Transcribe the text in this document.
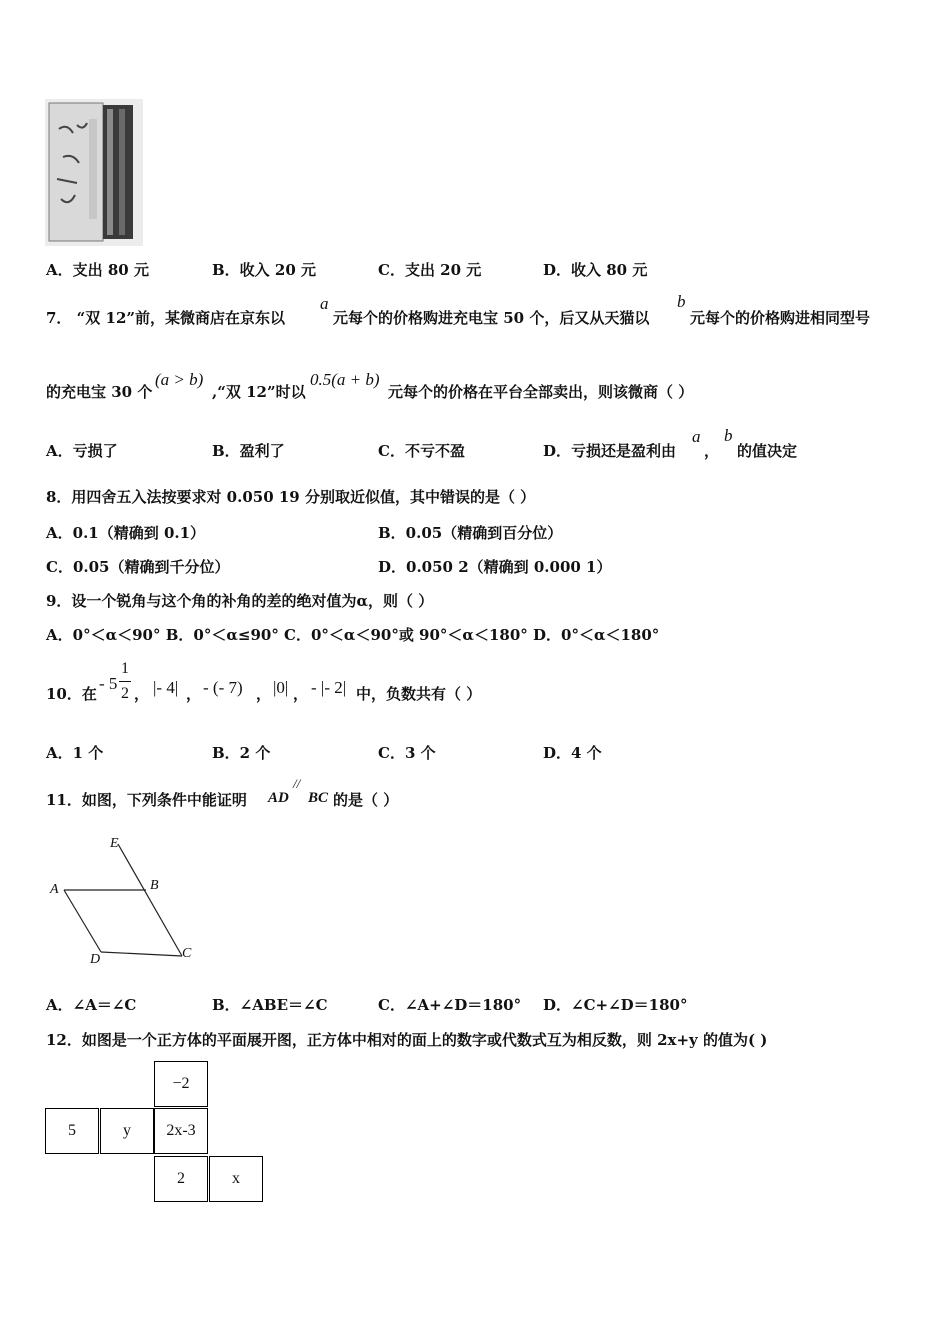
A．支出 80 元	B．收入 20 元	C．支出 20 元	D．收入 80 元
7． “双 12”前，某微商店在京东以
a
元每个的价格购进充电宝 50 个，后又从天猫以
b
元每个的价格购进相同型号
的充电宝 30 个
(a > b)
,“双 12”时以
0.5(a + b)
元每个的价格在平台全部卖出，则该微商（ ）
A．亏损了	B．盈利了	C．不亏不盈	D．亏损还是盈利由
a
，
b
的值决定
8．用四舍五入法按要求对 0.050 19 分别取近似值，其中错误的是（ ）
A．0.1（精确到 0.1）	B．0.05（精确到百分位）
C．0.05（精确到千分位）	D．0.050 2（精确到 0.000 1）
9．设一个锐角与这个角的补角的差的绝对值为α，则（ ）
A．0°＜α＜90° B．0°＜α≤90° C．0°＜α＜90°或 90°＜α＜180° D．0°＜α＜180°
10．在
- 5
1
2 ， |- 4| ， - (- 7) ， |0| ， - |- 2| 中，负数共有（ ）
A．1 个	B．2 个	C．3 个	D．4 个
11．如图，下列条件中能证明 AD
//
BC 的是（ ）
E
A	B
D	C
A．∠A＝∠C	B．∠ABE＝∠C	C．∠A+∠D＝180° D．∠C+∠D＝180°
12．如图是一个正方体的平面展开图，正方体中相对的面上的数字或代数式互为相反数，则 2x+y 的值为( )
−2
5	y	2x-3
2	x
